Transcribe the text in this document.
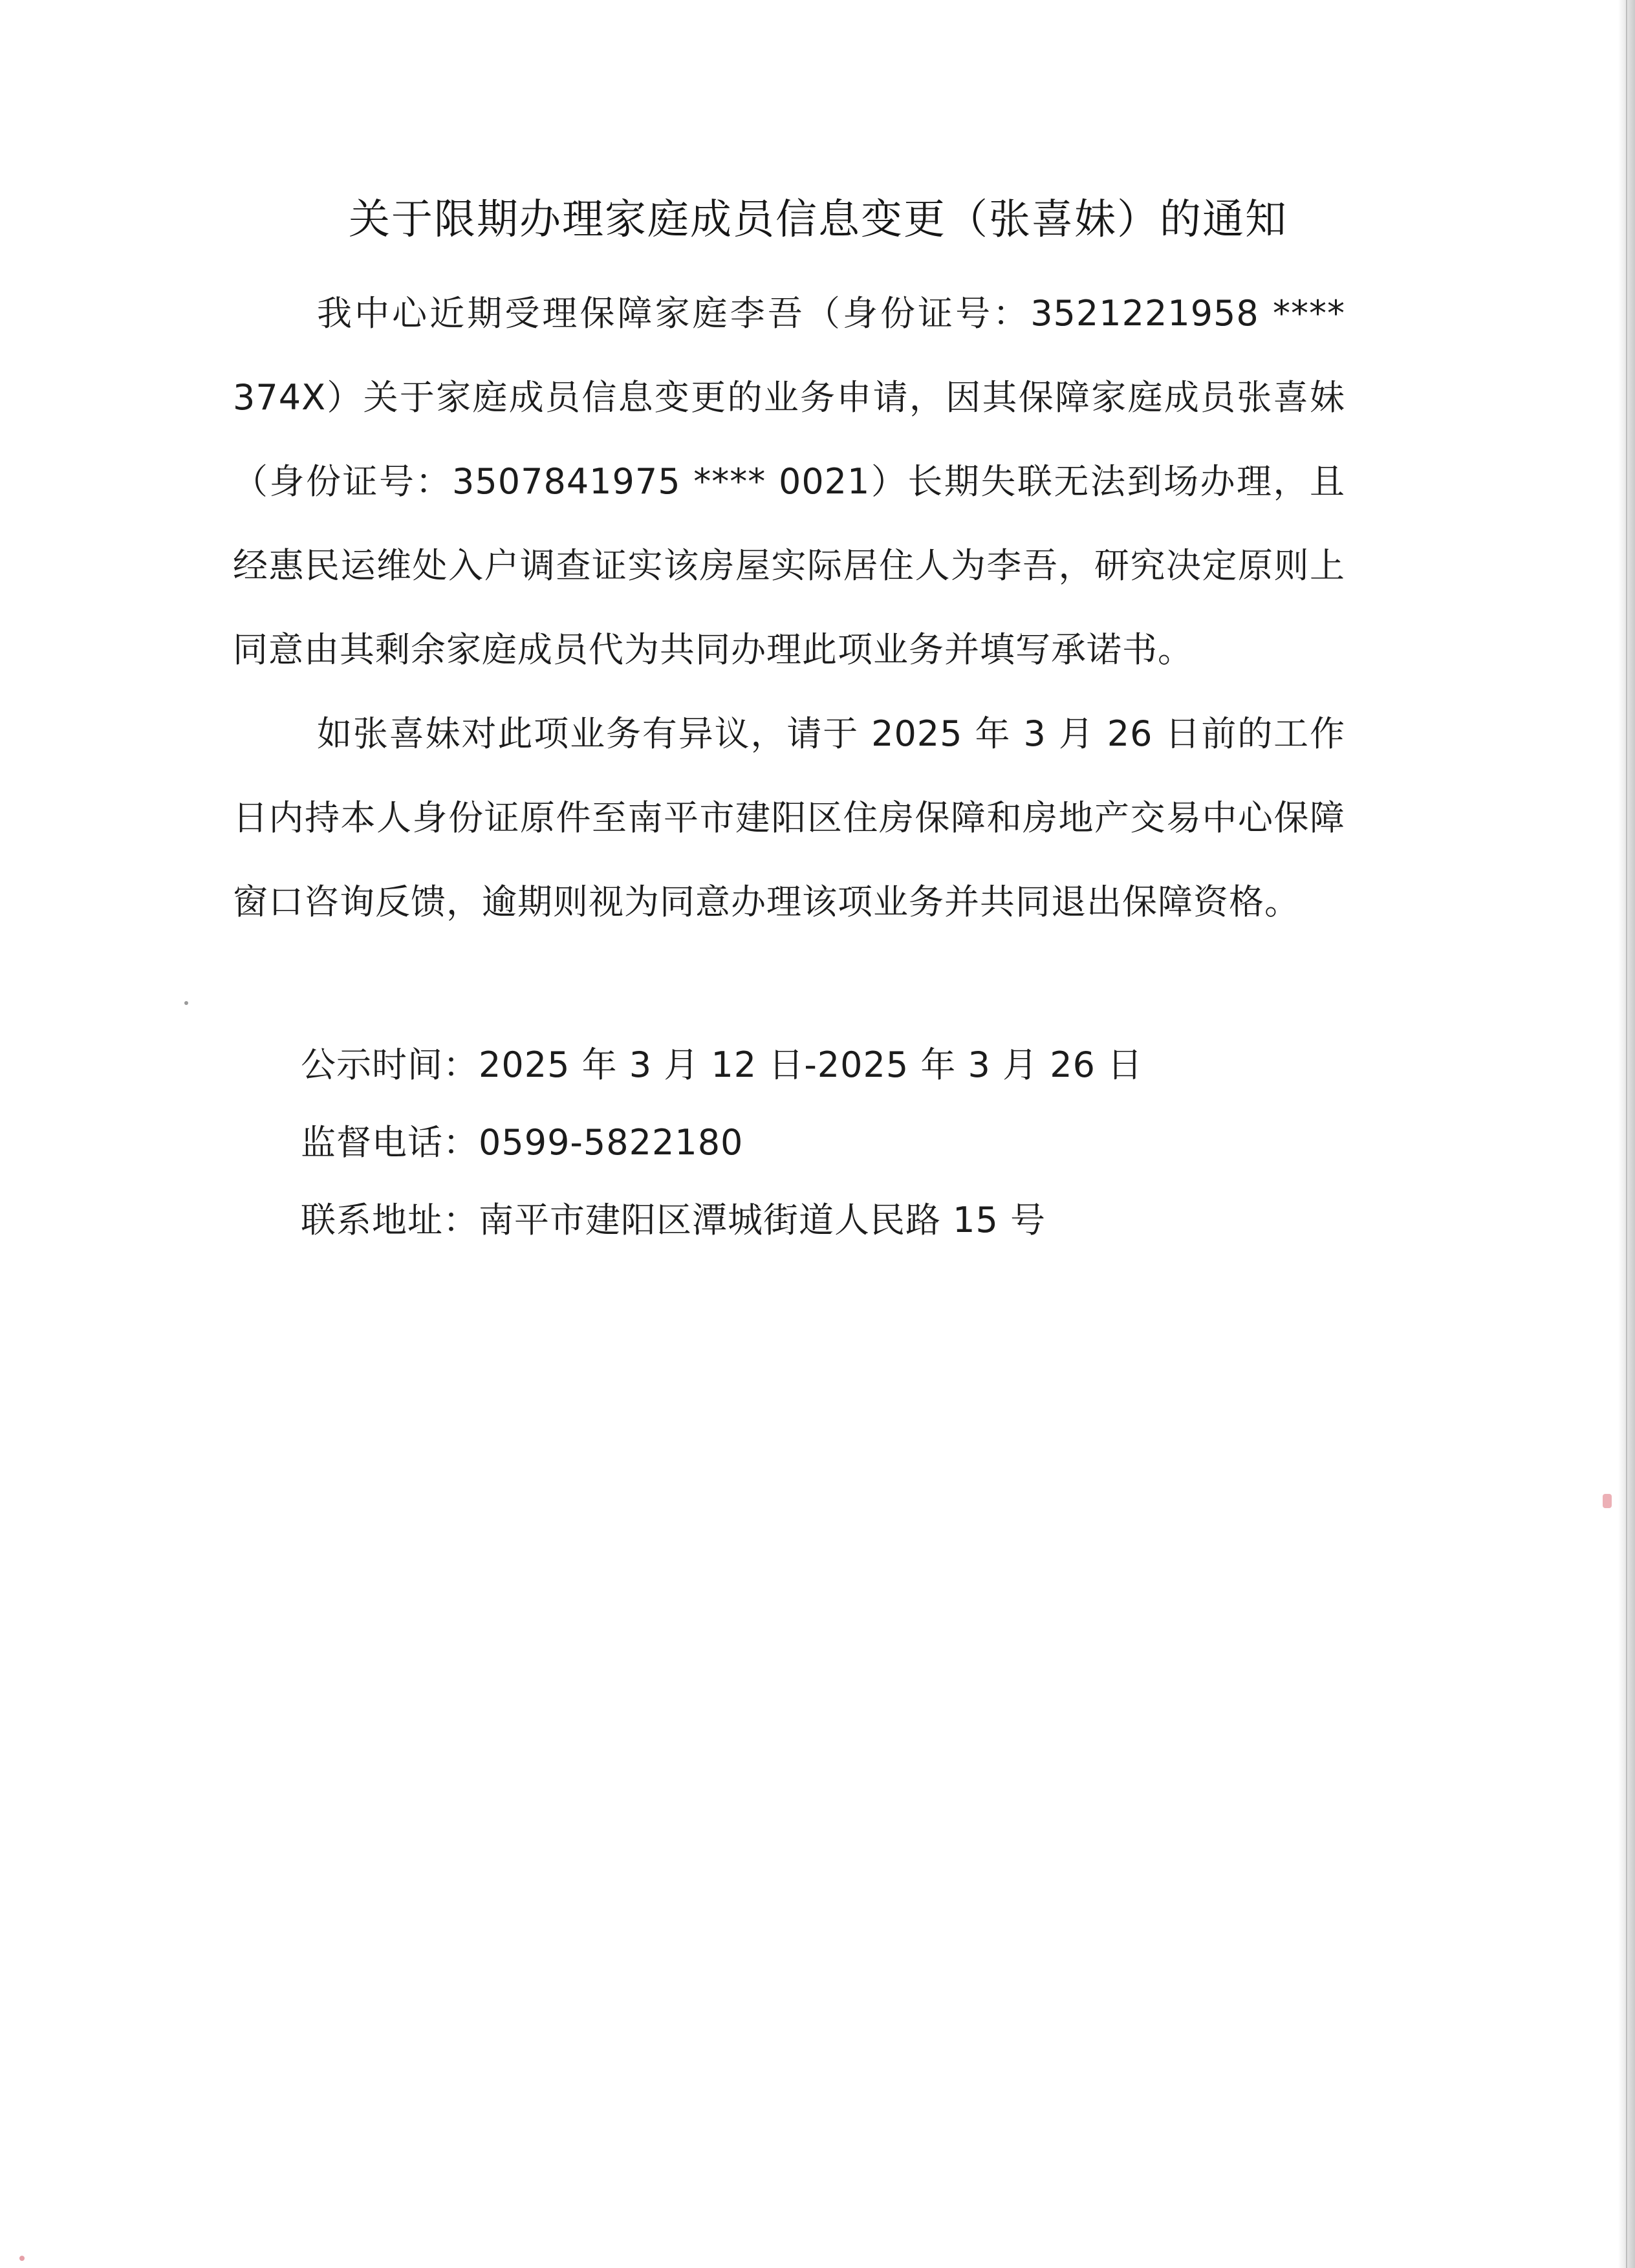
关于限期办理家庭成员信息变更（张喜妹）的通知

我中心近期受理保障家庭李吾（身份证号：3521221958 **** 374X）关于家庭成员信息变更的业务申请，因其保障家庭成员张喜妹（身份证号：3507841975 **** 0021）长期失联无法到场办理，且经惠民运维处入户调查证实该房屋实际居住人为李吾，研究决定原则上同意由其剩余家庭成员代为共同办理此项业务并填写承诺书。

如张喜妹对此项业务有异议，请于 2025 年 3 月 26 日前的工作日内持本人身份证原件至南平市建阳区住房保障和房地产交易中心保障窗口咨询反馈，逾期则视为同意办理该项业务并共同退出保障资格。

公示时间：2025 年 3 月 12 日-2025 年 3 月 26 日
监督电话：0599-5822180
联系地址：南平市建阳区潭城街道人民路 15 号
